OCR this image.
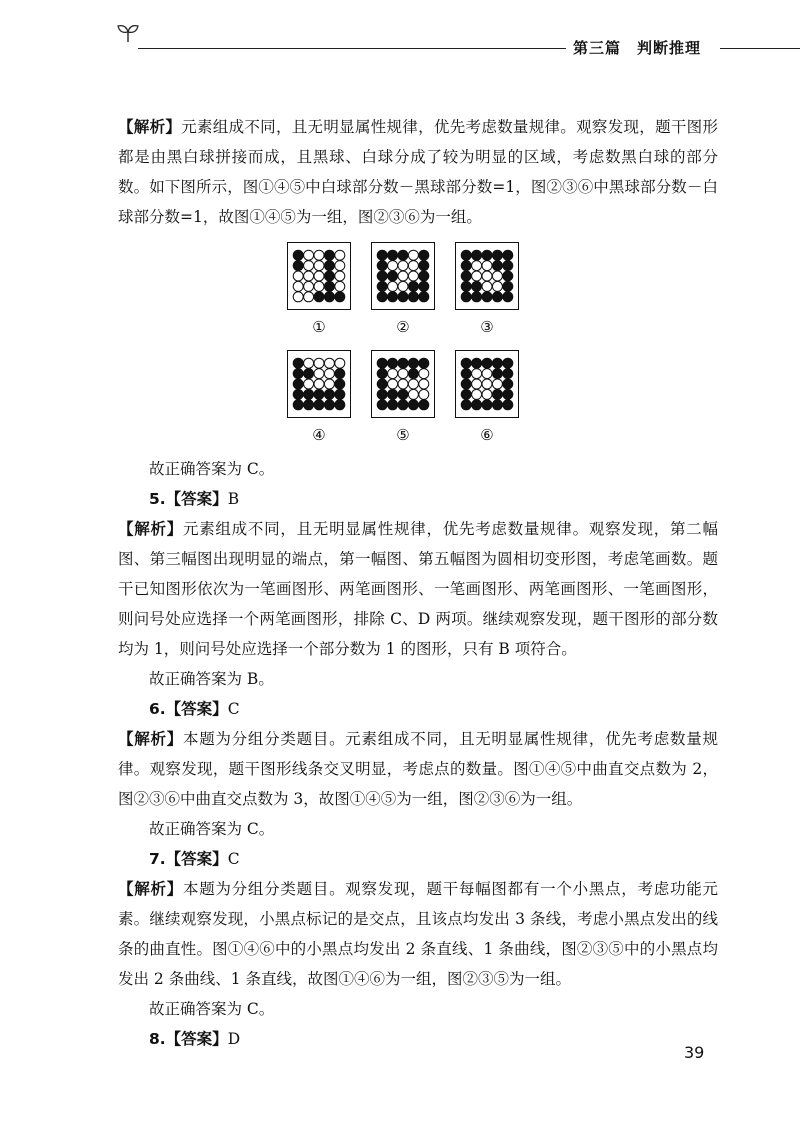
第三篇　判断推理

【解析】元素组成不同，且无明显属性规律，优先考虑数量规律。观察发现，题干图形都是由黑白球拼接而成，且黑球、白球分成了较为明显的区域，考虑数黑白球的部分数。如下图所示，图①④⑤中白球部分数－黑球部分数=1，图②③⑥中黑球部分数－白球部分数=1，故图①④⑤为一组，图②③⑥为一组。

①	②	③
④	⑤	⑥

故正确答案为 C。

5.【答案】B

【解析】元素组成不同，且无明显属性规律，优先考虑数量规律。观察发现，第二幅图、第三幅图出现明显的端点，第一幅图、第五幅图为圆相切变形图，考虑笔画数。题干已知图形依次为一笔画图形、两笔画图形、一笔画图形、两笔画图形、一笔画图形，则问号处应选择一个两笔画图形，排除 C、D 两项。继续观察发现，题干图形的部分数均为 1，则问号处应选择一个部分数为 1 的图形，只有 B 项符合。

故正确答案为 B。

6.【答案】C

【解析】本题为分组分类题目。元素组成不同，且无明显属性规律，优先考虑数量规律。观察发现，题干图形线条交叉明显，考虑点的数量。图①④⑤中曲直交点数为 2，图②③⑥中曲直交点数为 3，故图①④⑤为一组，图②③⑥为一组。

故正确答案为 C。

7.【答案】C

【解析】本题为分组分类题目。观察发现，题干每幅图都有一个小黑点，考虑功能元素。继续观察发现，小黑点标记的是交点，且该点均发出 3 条线，考虑小黑点发出的线条的曲直性。图①④⑥中的小黑点均发出 2 条直线、1 条曲线，图②③⑤中的小黑点均发出 2 条曲线、1 条直线，故图①④⑥为一组，图②③⑤为一组。

故正确答案为 C。

8.【答案】D

39
